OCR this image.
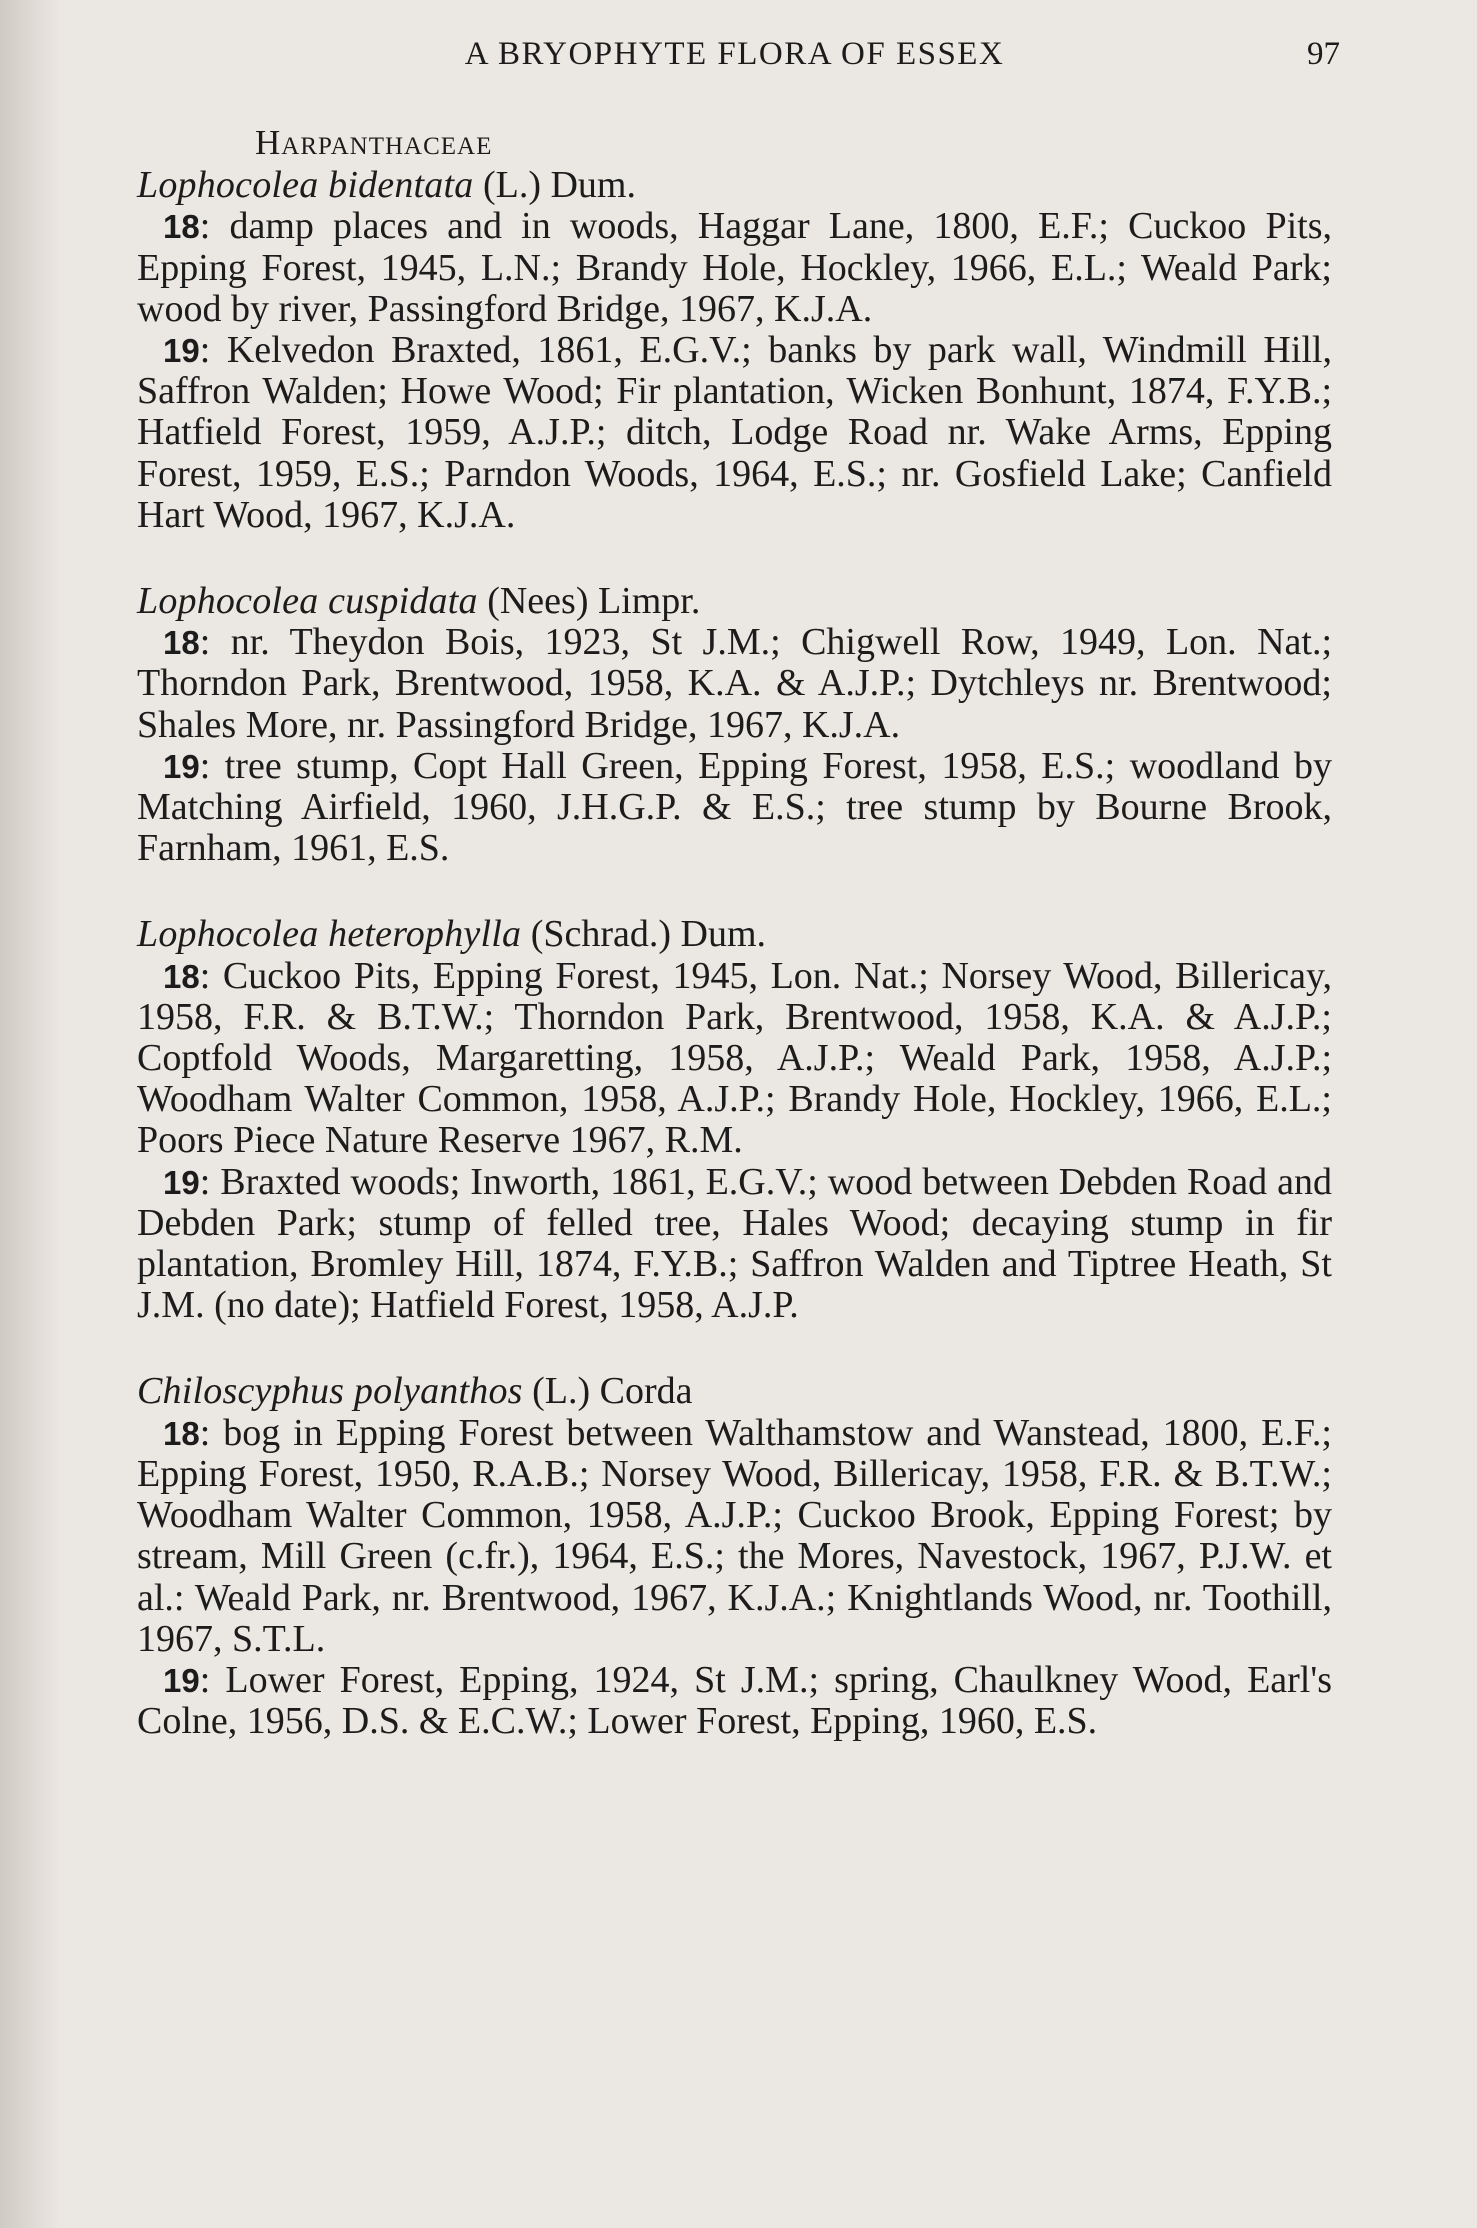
A BRYOPHYTE FLORA OF ESSEX	97
Harpanthaceae

Lophocolea bidentata (L.) Dum.

18: damp places and in woods, Haggar Lane, 1800, E.F.; Cuckoo Pits, Epping Forest, 1945, L.N.; Brandy Hole, Hockley, 1966, E.L.; Weald Park; wood by river, Passingford Bridge, 1967, K.J.A.

19: Kelvedon Braxted, 1861, E.G.V.; banks by park wall, Windmill Hill, Saffron Walden; Howe Wood; Fir plantation, Wicken Bonhunt, 1874, F.Y.B.; Hatfield Forest, 1959, A.J.P.; ditch, Lodge Road nr. Wake Arms, Epping Forest, 1959, E.S.; Parndon Woods, 1964, E.S.; nr. Gosfield Lake; Canfield Hart Wood, 1967, K.J.A.

Lophocolea cuspidata (Nees) Limpr.

18: nr. Theydon Bois, 1923, St J.M.; Chigwell Row, 1949, Lon. Nat.; Thorndon Park, Brentwood, 1958, K.A. & A.J.P.; Dytchleys nr. Brentwood; Shales More, nr. Passingford Bridge, 1967, K.J.A.

19: tree stump, Copt Hall Green, Epping Forest, 1958, E.S.; woodland by Matching Airfield, 1960, J.H.G.P. & E.S.; tree stump by Bourne Brook, Farnham, 1961, E.S.

Lophocolea heterophylla (Schrad.) Dum.

18: Cuckoo Pits, Epping Forest, 1945, Lon. Nat.; Norsey Wood, Billericay, 1958, F.R. & B.T.W.; Thorndon Park, Brentwood, 1958, K.A. & A.J.P.; Coptfold Woods, Margaretting, 1958, A.J.P.; Weald Park, 1958, A.J.P.; Woodham Walter Common, 1958, A.J.P.; Brandy Hole, Hockley, 1966, E.L.; Poors Piece Nature Reserve 1967, R.M.

19: Braxted woods; Inworth, 1861, E.G.V.; wood between Debden Road and Debden Park; stump of felled tree, Hales Wood; decaying stump in fir plantation, Bromley Hill, 1874, F.Y.B.; Saffron Walden and Tiptree Heath, St J.M. (no date); Hatfield Forest, 1958, A.J.P.

Chiloscyphus polyanthos (L.) Corda

18: bog in Epping Forest between Walthamstow and Wanstead, 1800, E.F.; Epping Forest, 1950, R.A.B.; Norsey Wood, Billericay, 1958, F.R. & B.T.W.; Woodham Walter Common, 1958, A.J.P.; Cuckoo Brook, Epping Forest; by stream, Mill Green (c.fr.), 1964, E.S.; the Mores, Navestock, 1967, P.J.W. et al.: Weald Park, nr. Brentwood, 1967, K.J.A.; Knightlands Wood, nr. Toothill, 1967, S.T.L.

19: Lower Forest, Epping, 1924, St J.M.; spring, Chaulkney Wood, Earl's Colne, 1956, D.S. & E.C.W.; Lower Forest, Epping, 1960, E.S.
